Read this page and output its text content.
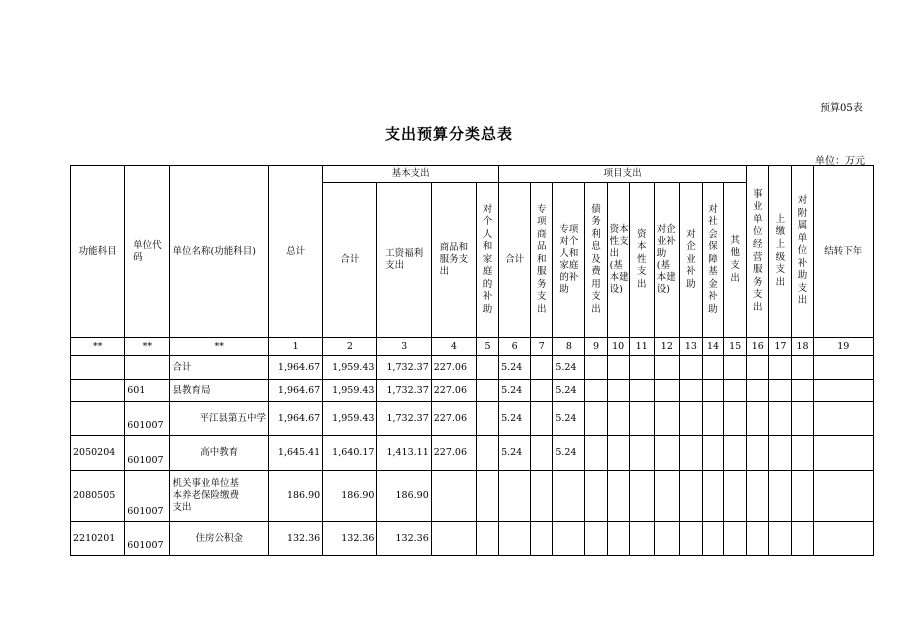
预算05表
支出预算分类总表
单位：万元
功能科目	单位代码	单位名称(功能科目)	总计	基本支出				项目支出										事业单位经营服务支出	上缴上级支出	对附属单位补助支出	结转下年
				合计	工资福利支出	商品和服务支出	对个人和家庭的补助	合计	专项商品和服务支出	专项对个人和家庭的补助	债务利息及费用支出	资本性支出(基本建设)	资本性支出	对企业补助(基本建设)	对企业补助	对社会保障基金补助	其他支出				

**	**	**	1	2	3	4	5	6	7	8	9	10	11	12	13	14	15	16	17	18	19
		合计	1,964.67	1,959.43	1,732.37	227.06		5.24		5.24											
	601	县教育局	1,964.67	1,959.43	1,732.37	227.06		5.24		5.24											
	601007	平江县第五中学	1,964.67	1,959.43	1,732.37	227.06		5.24		5.24											
2050204	601007	高中教育	1,645.41	1,640.17	1,413.11	227.06		5.24		5.24											
2080505	601007	机关事业单位基本养老保险缴费支出	186.90	186.90	186.90																
2210201	601007	住房公积金	132.36	132.36	132.36																
